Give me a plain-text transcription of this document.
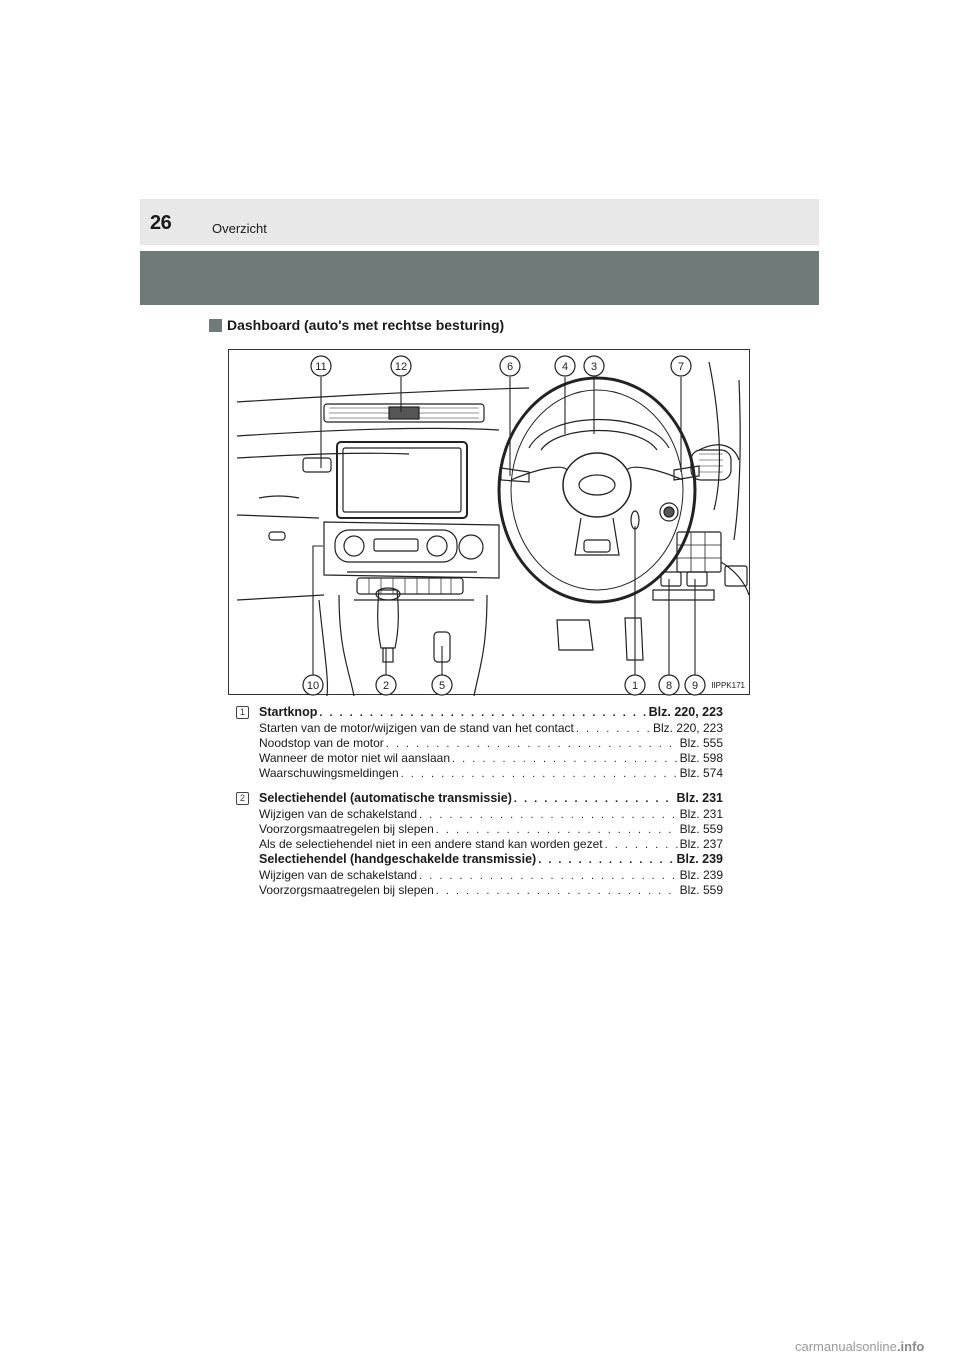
26	Overzicht
Dashboard (auto's met rechtse besturing)
11	12	6	4 3	7
10	2	5	1	8 9 IIPPK171
1	Startknop . . .	Blz. 220, 223
Starten van de motor/wijzigen van de stand van het contact . . .	Blz. 220, 223
Noodstop van de motor . . .	Blz. 555
Wanneer de motor niet wil aanslaan . . .	Blz. 598
Waarschuwingsmeldingen . . .	Blz. 574
2	Selectiehendel (automatische transmissie) . . .	Blz. 231
Wijzigen van de schakelstand . . .	Blz. 231
Voorzorgsmaatregelen bij slepen . . .	Blz. 559
Als de selectiehendel niet in een andere stand kan worden gezet . . .	Blz. 237
Selectiehendel (handgeschakelde transmissie) . . .	Blz. 239
Wijzigen van de schakelstand . . .	Blz. 239
Voorzorgsmaatregelen bij slepen . . .	Blz. 559
carmanualsonline.info
